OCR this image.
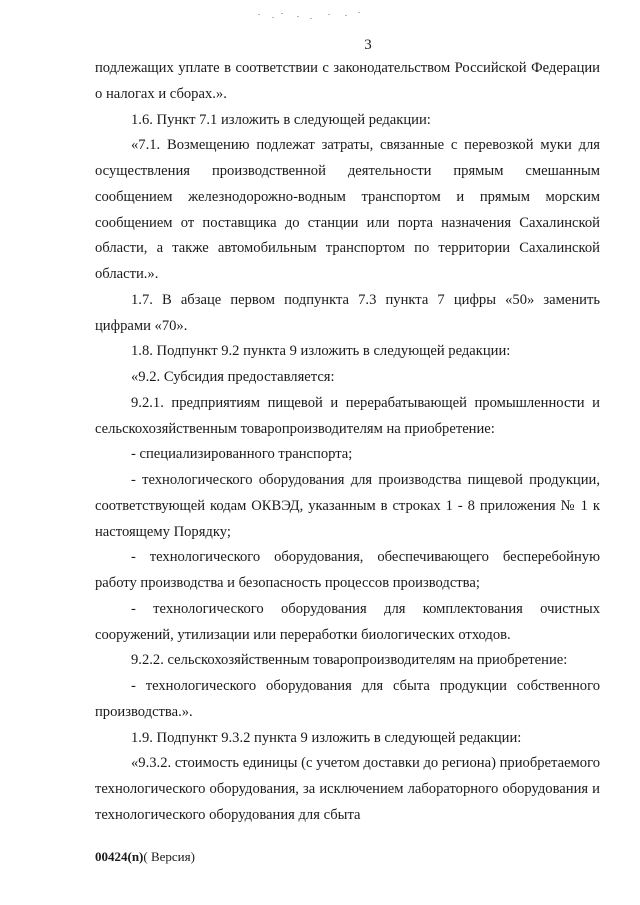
3

подлежащих уплате в соответствии с законодательством Российской Федерации о налогах и сборах.».

1.6. Пункт 7.1 изложить в следующей редакции:

«7.1. Возмещению подлежат затраты, связанные с перевозкой муки для осуществления производственной деятельности прямым смешанным сообщением железнодорожно-водным транспортом и прямым морским сообщением от поставщика до станции или порта назначения Сахалинской области, а также автомобильным транспортом по территории Сахалинской области.».

1.7. В абзаце первом подпункта 7.3 пункта 7 цифры «50» заменить цифрами «70».

1.8. Подпункт 9.2 пункта 9 изложить в следующей редакции:

«9.2. Субсидия предоставляется:

9.2.1. предприятиям пищевой и перерабатывающей промышленности и сельскохозяйственным товаропроизводителям на приобретение:

- специализированного транспорта;

- технологического оборудования для производства пищевой продукции, соответствующей кодам ОКВЭД, указанным в строках 1 - 8 приложения № 1 к настоящему Порядку;

- технологического оборудования, обеспечивающего бесперебойную работу производства и безопасность процессов производства;

- технологического оборудования для комплектования очистных сооружений, утилизации или переработки биологических отходов.

9.2.2. сельскохозяйственным товаропроизводителям на приобретение:

- технологического оборудования для сбыта продукции собственного производства.».

1.9. Подпункт 9.3.2 пункта 9 изложить в следующей редакции:

«9.3.2. стоимость единицы (с учетом доставки до региона) приобретаемого технологического оборудования, за исключением лабораторного оборудования и технологического оборудования для сбыта

00424(n)( Версия)
